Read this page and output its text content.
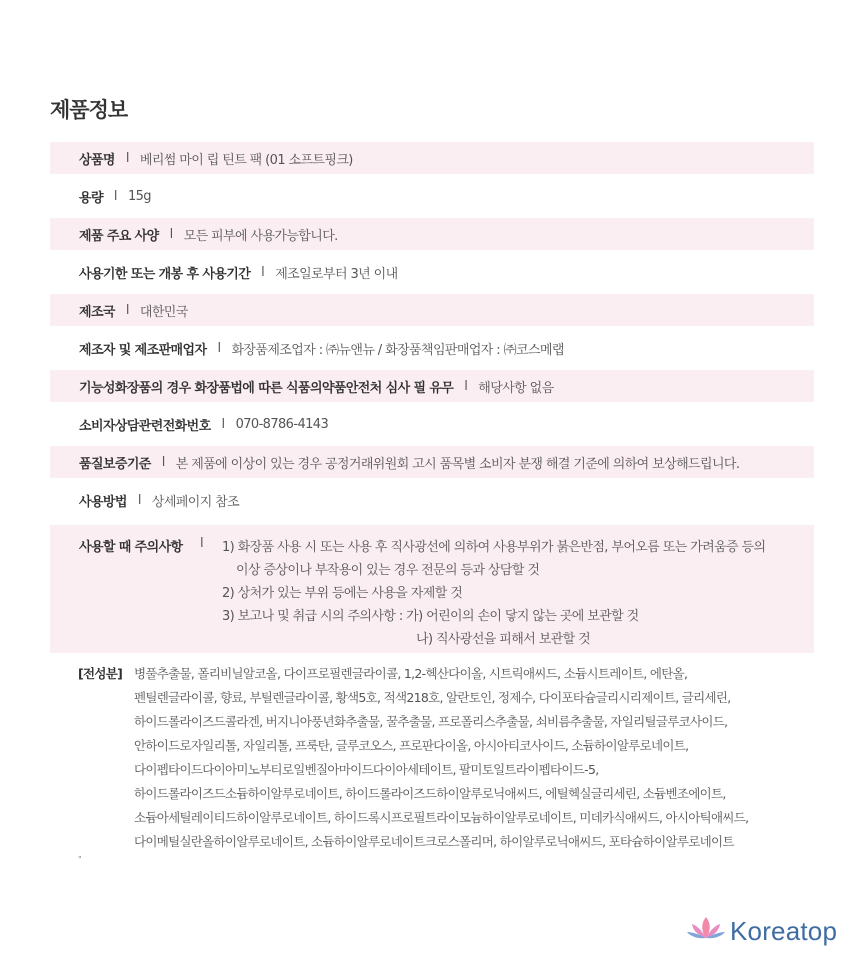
제품정보
상품명 l 베리썸 마이 립 틴트 팩 (01 소프트핑크)
용량 l 15g
제품 주요 사양 l 모든 피부에 사용가능합니다.
사용기한 또는 개봉 후 사용기간 l 제조일로부터 3년 이내
제조국 l 대한민국
제조자 및 제조판매업자 l 화장품제조업자 : ㈜뉴앤뉴 / 화장품책임판매업자 : ㈜코스메랩
기능성화장품의 경우 화장품법에 따른 식품의약품안전처 심사 필 유무 l 해당사항 없음
소비자상담관련전화번호 l 070-8786-4143
품질보증기준 l 본 제품에 이상이 있는 경우 공정거래위원회 고시 품목별 소비자 분쟁 해결 기준에 의하여 보상해드립니다.
사용방법 l 상세페이지 참조
사용할 때 주의사항 l 1) 화장품 사용 시 또는 사용 후 직사광선에 의하여 사용부위가 붉은반점, 부어오름 또는 가려움증 등의
이상 증상이나 부작용이 있는 경우 전문의 등과 상담할 것
2) 상처가 있는 부위 등에는 사용을 자제할 것
3) 보고나 및 취급 시의 주의사항 : 가) 어린이의 손이 닿지 않는 곳에 보관할 것
나) 직사광선을 피해서 보관할 것
[전성분] 병풀추출물, 폴리비닐알코올, 다이프로필렌글라이콜, 1,2-헥산다이올, 시트릭애씨드, 소듐시트레이트, 에탄올,
펜틸렌글라이콜, 향료, 부틸렌글라이콜, 황색5호, 적색218호, 알란토인, 정제수, 다이포타슘글리시리제이트, 글리세린,
하이드롤라이즈드콜라겐, 버지니아풍년화추출물, 꿀추출물, 프로폴리스추출물, 쇠비름추출물, 자일리틸글루코사이드,
안하이드로자일리톨, 자일리톨, 프룩탄, 글루코오스, 프로판다이올, 아시아티코사이드, 소듐하이알루로네이트,
다이펩타이드다이아미노부티로일벤질아마이드다이아세테이트, 팔미토일트라이펩타이드-5,
하이드롤라이즈드소듐하이알루로네이트, 하이드롤라이즈드하이알루로닉애씨드, 에틸헥실글리세린, 소듐벤조에이트,
소듐아세틸레이티드하이알루로네이트, 하이드록시프로필트라이모늄하이알루로네이트, 미데카식애씨드, 아시아틱애씨드,
다이메틸실란올하이알루로네이트, 소듐하이알루로네이트크로스폴리머, 하이알루로닉애씨드, 포타슘하이알루로네이트
"
Koreatop
